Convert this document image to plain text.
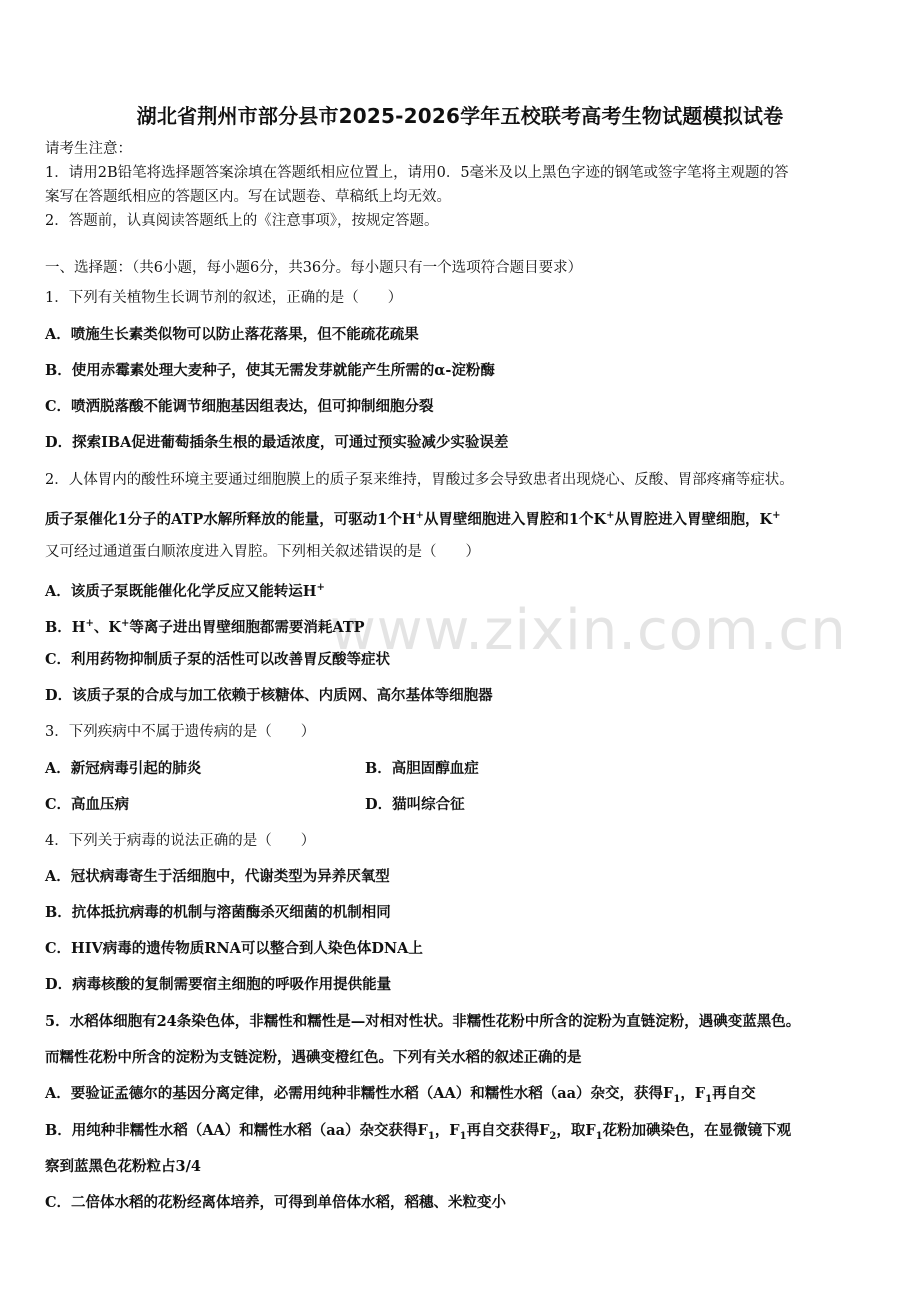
www.zixin.com.cn
湖北省荆州市部分县市2025-2026学年五校联考高考生物试题模拟试卷
请考生注意：
1．请用2B铅笔将选择题答案涂填在答题纸相应位置上，请用0．5毫米及以上黑色字迹的钢笔或签字笔将主观题的答
案写在答题纸相应的答题区内。写在试题卷、草稿纸上均无效。
2．答题前，认真阅读答题纸上的《注意事项》，按规定答题。
一、选择题：（共6小题，每小题6分，共36分。每小题只有一个选项符合题目要求）
1．下列有关植物生长调节剂的叙述，正确的是（　　）
A．喷施生长素类似物可以防止落花落果，但不能疏花疏果
B．使用赤霉素处理大麦种子，使其无需发芽就能产生所需的α-淀粉酶
C．喷洒脱落酸不能调节细胞基因组表达，但可抑制细胞分裂
D．探索IBA促进葡萄插条生根的最适浓度，可通过预实验减少实验误差
2．人体胃内的酸性环境主要通过细胞膜上的质子泵来维持，胃酸过多会导致患者出现烧心、反酸、胃部疼痛等症状。
质子泵催化1分子的ATP水解所释放的能量，可驱动1个H+从胃壁细胞进入胃腔和1个K+从胃腔进入胃壁细胞，K+
又可经过通道蛋白顺浓度进入胃腔。下列相关叙述错误的是（　　）
A．该质子泵既能催化化学反应又能转运H+
B．H+、K+等离子进出胃壁细胞都需要消耗ATP
C．利用药物抑制质子泵的活性可以改善胃反酸等症状
D．该质子泵的合成与加工依赖于核糖体、内质网、高尔基体等细胞器
3．下列疾病中不属于遗传病的是（　　）
A．新冠病毒引起的肺炎	B．高胆固醇血症
C．高血压病	D．猫叫综合征
4．下列关于病毒的说法正确的是（　　）
A．冠状病毒寄生于活细胞中，代谢类型为异养厌氧型
B．抗体抵抗病毒的机制与溶菌酶杀灭细菌的机制相同
C．HIV病毒的遗传物质RNA可以整合到人染色体DNA上
D．病毒核酸的复制需要宿主细胞的呼吸作用提供能量
5．水稻体细胞有24条染色体，非糯性和糯性是—对相对性状。非糯性花粉中所含的淀粉为直链淀粉，遇碘变蓝黑色。
而糯性花粉中所含的淀粉为支链淀粉，遇碘变橙红色。下列有关水稻的叙述正确的是
A．要验证孟德尔的基因分离定律，必需用纯种非糯性水稻（AA）和糯性水稻（aa）杂交，获得$F_1$，$F_1$再自交
B．用纯种非糯性水稻（AA）和糯性水稻（aa）杂交获得$F_1$，$F_1$再自交获得$F_2$，取$F_1$花粉加碘染色，在显微镜下观
察到蓝黑色花粉粒占3/4
C．二倍体水稻的花粉经离体培养，可得到单倍体水稻，稻穗、米粒变小
